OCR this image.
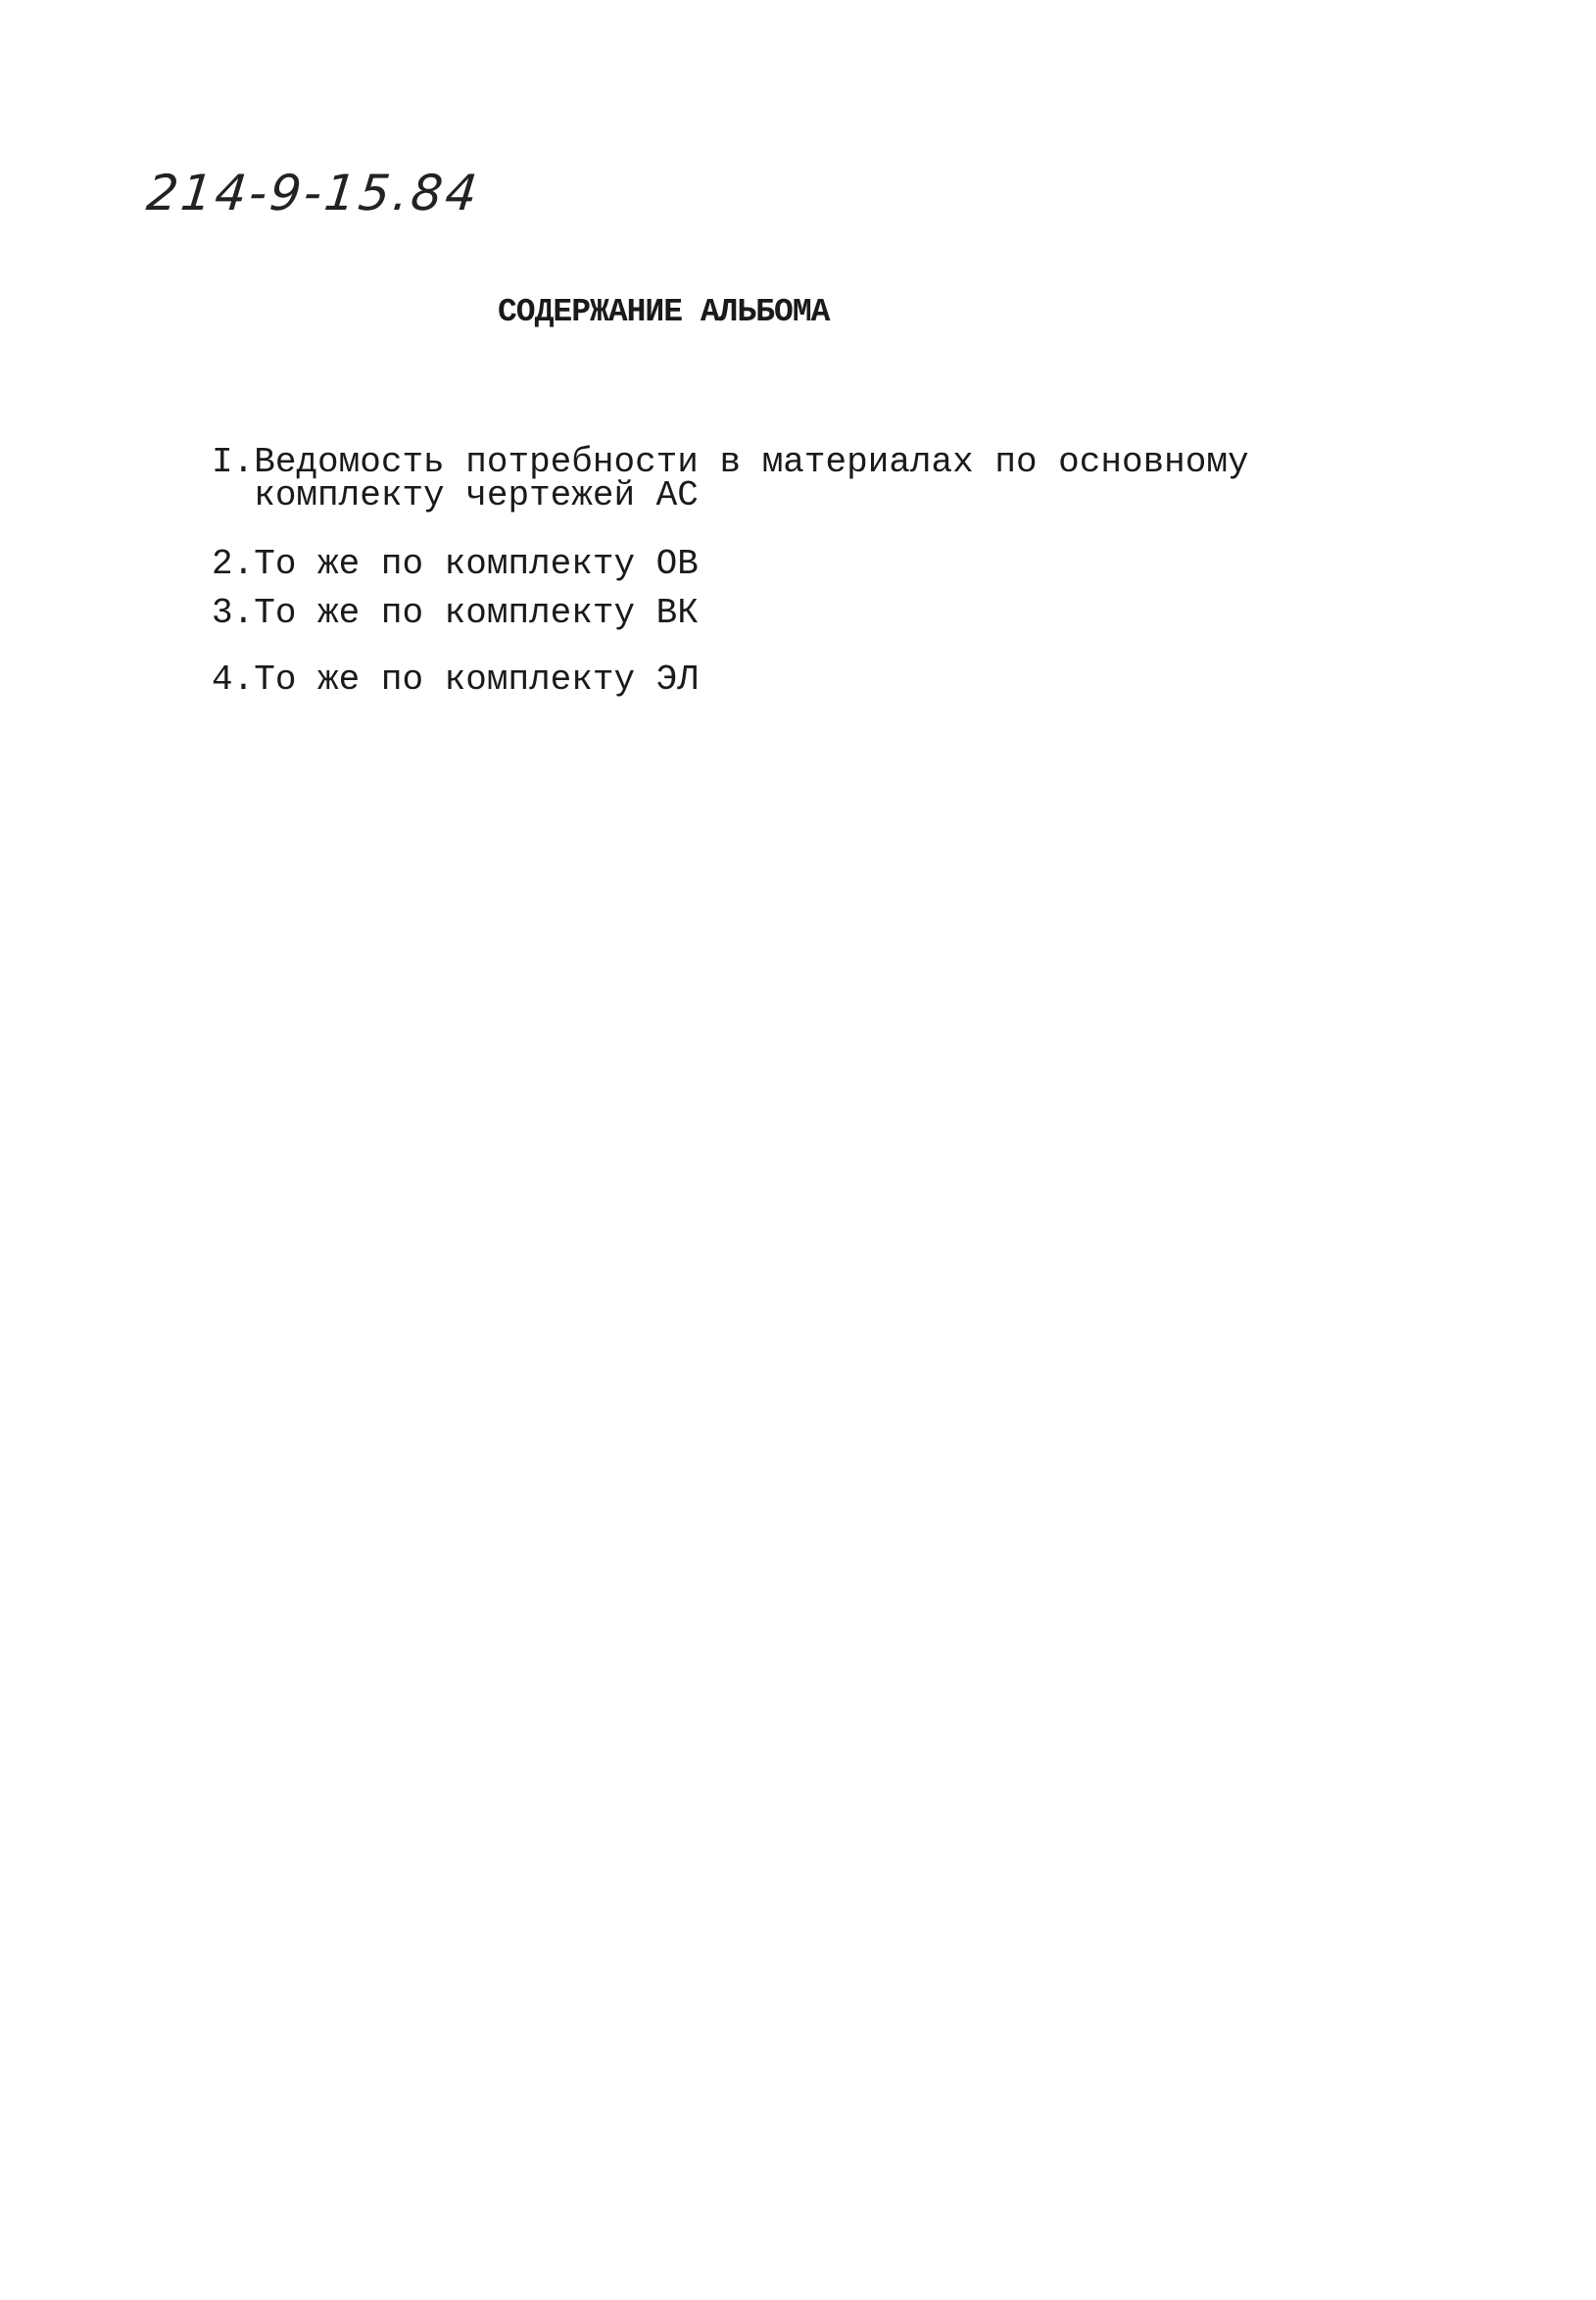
214-9-15.84
СОДЕРЖАНИЕ АЛЬБОМА
I. Ведомость потребности в материалах по основному
комплекту чертежей АС
2. То же по комплекту ОВ
3. То же по комплекту ВК
4. То же по комплекту ЭЛ
